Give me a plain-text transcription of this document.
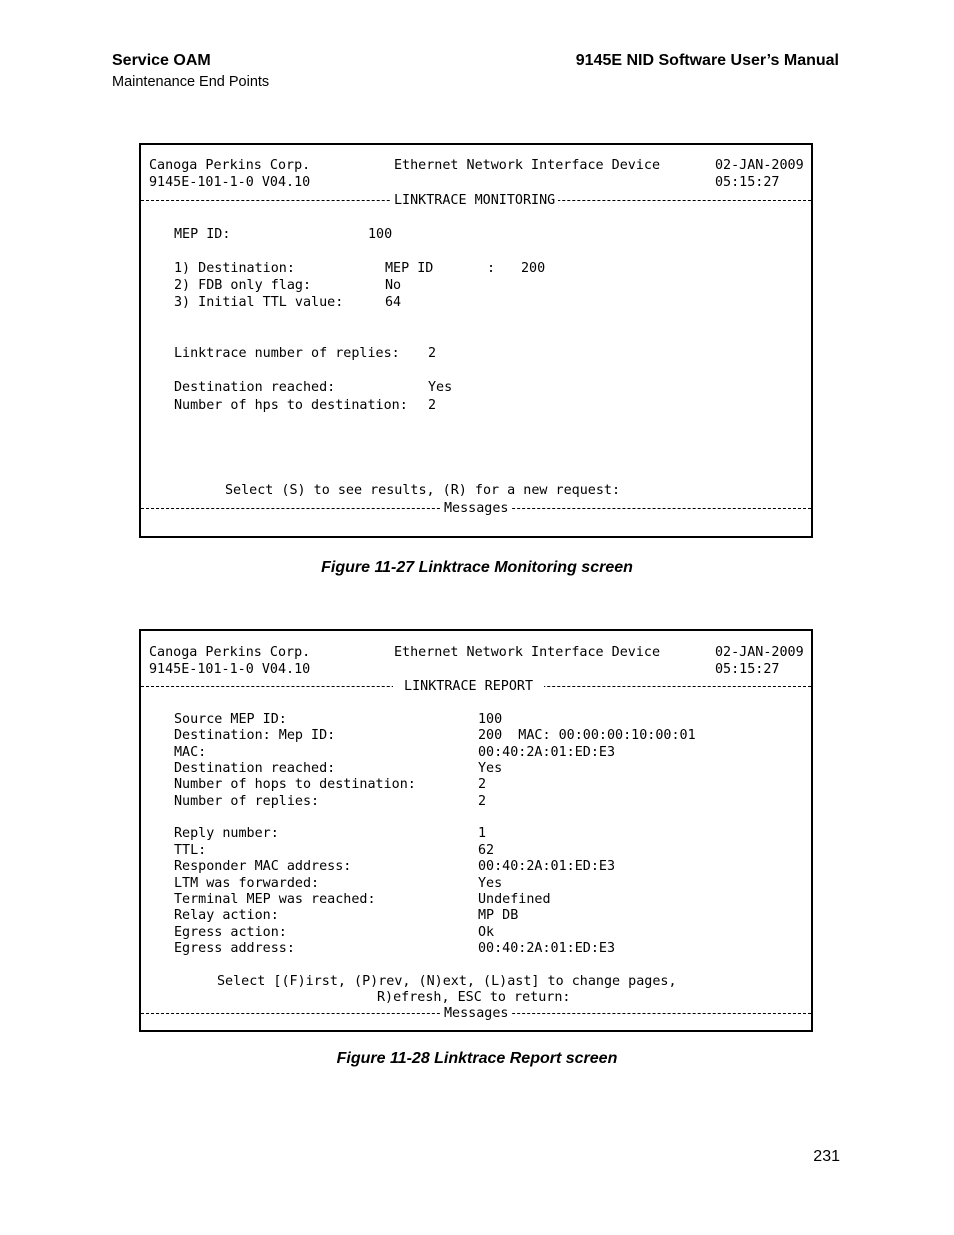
Service OAM
Maintenance End Points
9145E NID Software User’s Manual
Canoga Perkins Corp.	Ethernet Network Interface Device	02-JAN-2009
9145E-101-1-0 V04.10	05:15:27

LINKTRACE MONITORING

MEP ID:	100
1) Destination:	MEP ID	: 200
2) FDB only flag:	No
3) Initial TTL value:	64
Linktrace number of replies: 2
Destination reached:	Yes
Number of hps to destination: 2
Select (S) to see results, (R) for a new request:

Messages

Figure 11-27 Linktrace Monitoring screen
Canoga Perkins Corp.	Ethernet Network Interface Device	02-JAN-2009
9145E-101-1-0 V04.10	05:15:27

LINKTRACE REPORT

Source MEP ID:	100
Destination: Mep ID:	200  MAC: 00:00:00:10:00:01
MAC:	00:40:2A:01:ED:E3
Destination reached:	Yes
Number of hops to destination:	2
Number of replies:	2
Reply number:	1
TTL:	62
Responder MAC address:	00:40:2A:01:ED:E3
LTM was forwarded:	Yes
Terminal MEP was reached:	Undefined
Relay action:	MP DB
Egress action:	Ok
Egress address:	00:40:2A:01:ED:E3
Select [(F)irst, (P)rev, (N)ext, (L)ast] to change pages,
R)efresh, ESC to return:

Messages

Figure 11-28 Linktrace Report screen
231
